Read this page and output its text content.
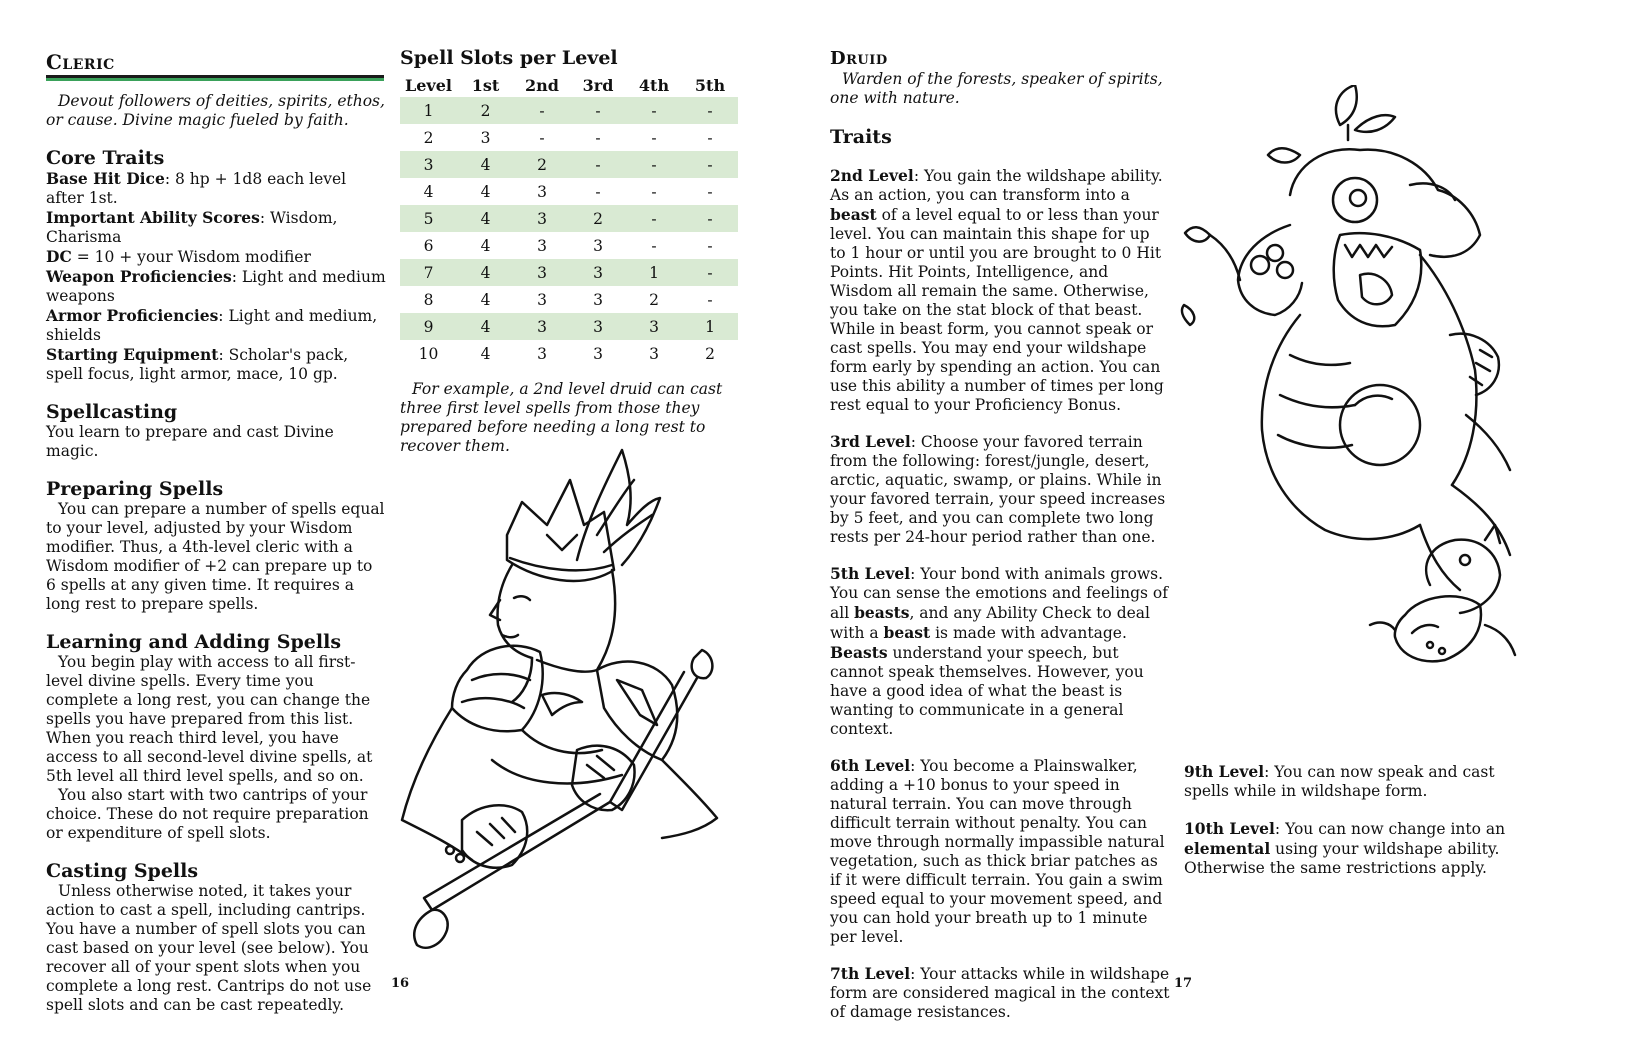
Cleric

Devout followers of deities, spirits, ethos, or cause. Divine magic fueled by faith.

Core Traits

Base Hit Dice: 8 hp + 1d8 each level after 1st.

Important Ability Scores: Wisdom, Charisma

DC = 10 + your Wisdom modifier

Weapon Proficiencies: Light and medium weapons

Armor Proficiencies: Light and medium, shields

Starting Equipment: Scholar's pack, spell focus, light armor, mace, 10 gp.

Spellcasting

You learn to prepare and cast Divine magic.

Preparing Spells

You can prepare a number of spells equal to your level, adjusted by your Wisdom modifier. Thus, a 4th-level cleric with a Wisdom modifier of +2 can prepare up to 6 spells at any given time. It requires a long rest to prepare spells.

Learning and Adding Spells

You begin play with access to all first-level divine spells. Every time you complete a long rest, you can change the spells you have prepared from this list. When you reach third level, you have access to all second-level divine spells, at 5th level all third level spells, and so on.

You also start with two cantrips of your choice. These do not require preparation or expenditure of spell slots.

Casting Spells

Unless otherwise noted, it takes your action to cast a spell, including cantrips. You have a number of spell slots you can cast based on your level (see below). You recover all of your spent slots when you complete a long rest. Cantrips do not use spell slots and can be cast repeatedly.

Spell Slots per Level

Level	1st	2nd	3rd	4th	5th
1	2	-	-	-	-
2	3	-	-	-	-
3	4	2	-	-	-
4	4	3	-	-	-
5	4	3	2	-	-
6	4	3	3	-	-
7	4	3	3	1	-
8	4	3	3	2	-
9	4	3	3	3	1
10	4	3	3	3	2

For example, a 2nd level druid can cast three first level spells from those they prepared before needing a long rest to recover them.

16
Druid

Warden of the forests, speaker of spirits, one with nature.

Traits

2nd Level: You gain the wildshape ability. As an action, you can transform into a beast of a level equal to or less than your level. You can maintain this shape for up to 1 hour or until you are brought to 0 Hit Points. Hit Points, Intelligence, and Wisdom all remain the same. Otherwise, you take on the stat block of that beast. While in beast form, you cannot speak or cast spells. You may end your wildshape form early by spending an action. You can use this ability a number of times per long rest equal to your Proficiency Bonus.

3rd Level: Choose your favored terrain from the following: forest/jungle, desert, arctic, aquatic, swamp, or plains. While in your favored terrain, your speed increases by 5 feet, and you can complete two long rests per 24-hour period rather than one.

5th Level: Your bond with animals grows. You can sense the emotions and feelings of all beasts, and any Ability Check to deal with a beast is made with advantage. Beasts understand your speech, but cannot speak themselves. However, you have a good idea of what the beast is wanting to communicate in a general context.

6th Level: You become a Plainswalker, adding a +10 bonus to your speed in natural terrain. You can move through difficult terrain without penalty. You can move through normally impassible natural vegetation, such as thick briar patches as if it were difficult terrain. You gain a swim speed equal to your movement speed, and you can hold your breath up to 1 minute per level.

7th Level: Your attacks while in wildshape form are considered magical in the context of damage resistances.

9th Level: You can now speak and cast spells while in wildshape form.

10th Level: You can now change into an elemental using your wildshape ability. Otherwise the same restrictions apply.

17
